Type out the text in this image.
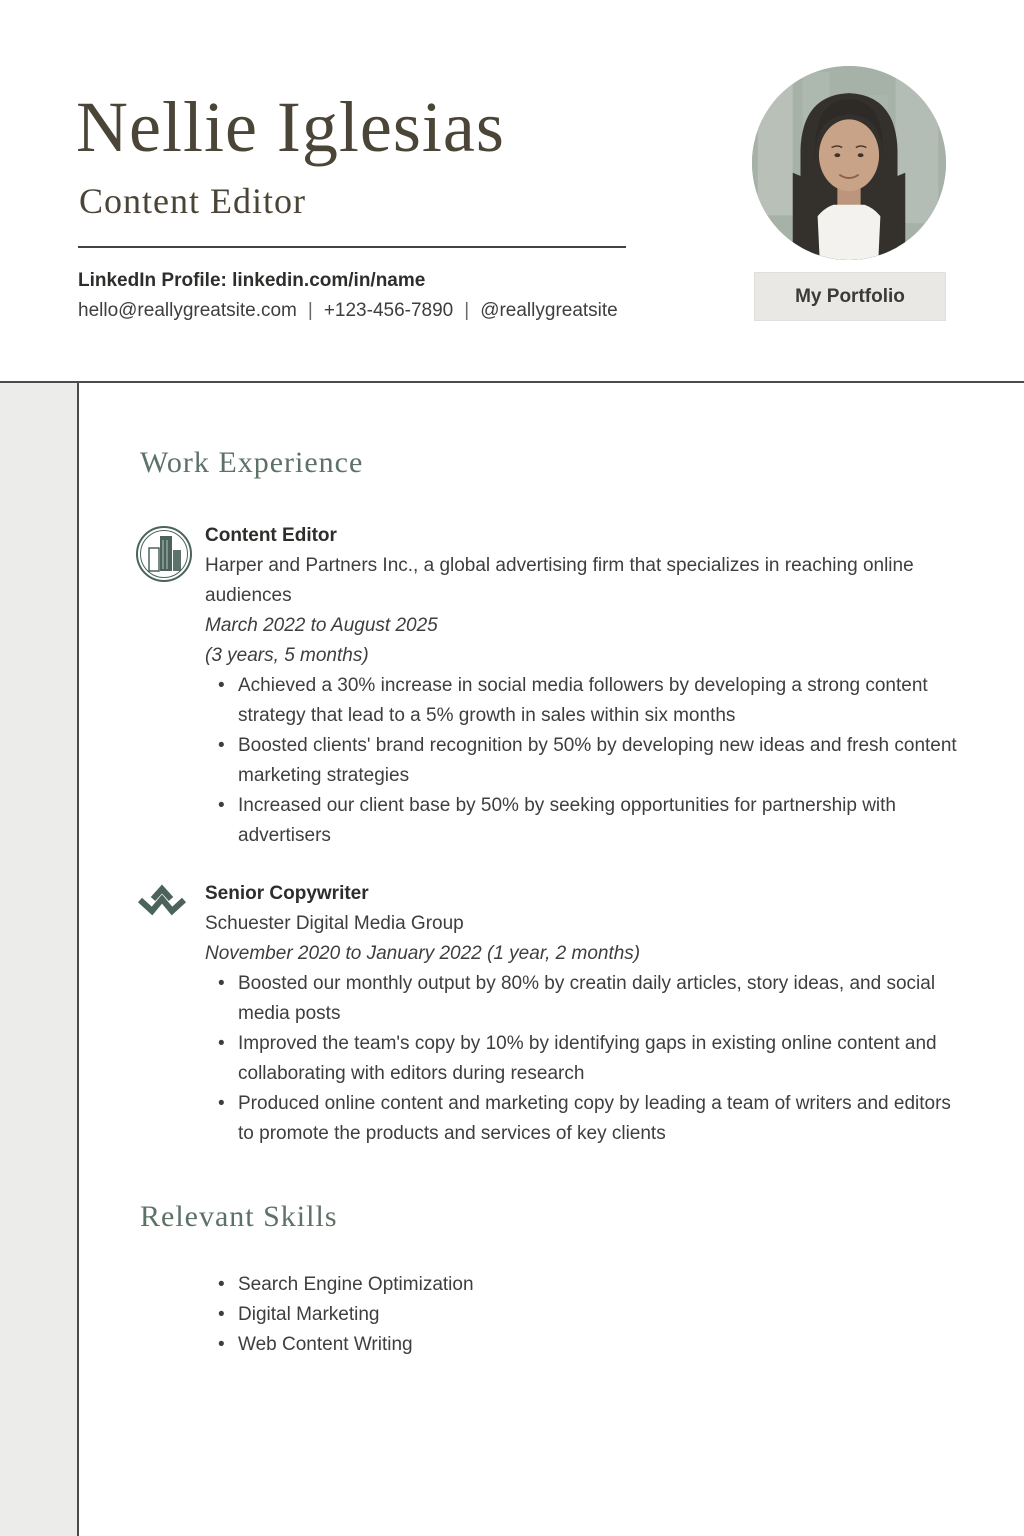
Nellie Iglesias
Content Editor
LinkedIn Profile: linkedin.com/in/name
hello@reallygreatsite.com | +123-456-7890 | @reallygreatsite
My Portfolio
Work Experience
Content Editor
Harper and Partners Inc., a global advertising firm that specializes in reaching online audiences
March 2022 to August 2025
(3 years, 5 months)
• Achieved a 30% increase in social media followers by developing a strong content strategy that lead to a 5% growth in sales within six months
• Boosted clients' brand recognition by 50% by developing new ideas and fresh content marketing strategies
• Increased our client base by 50% by seeking opportunities for partnership with advertisers
Senior Copywriter
Schuester Digital Media Group
November 2020 to January 2022 (1 year, 2 months)
• Boosted our monthly output by 80% by creatin daily articles, story ideas, and social media posts
• Improved the team's copy by 10% by identifying gaps in existing online content and collaborating with editors during research
• Produced online content and marketing copy by leading a team of writers and editors to promote the products and services of key clients
Relevant Skills
• Search Engine Optimization
• Digital Marketing
• Web Content Writing
